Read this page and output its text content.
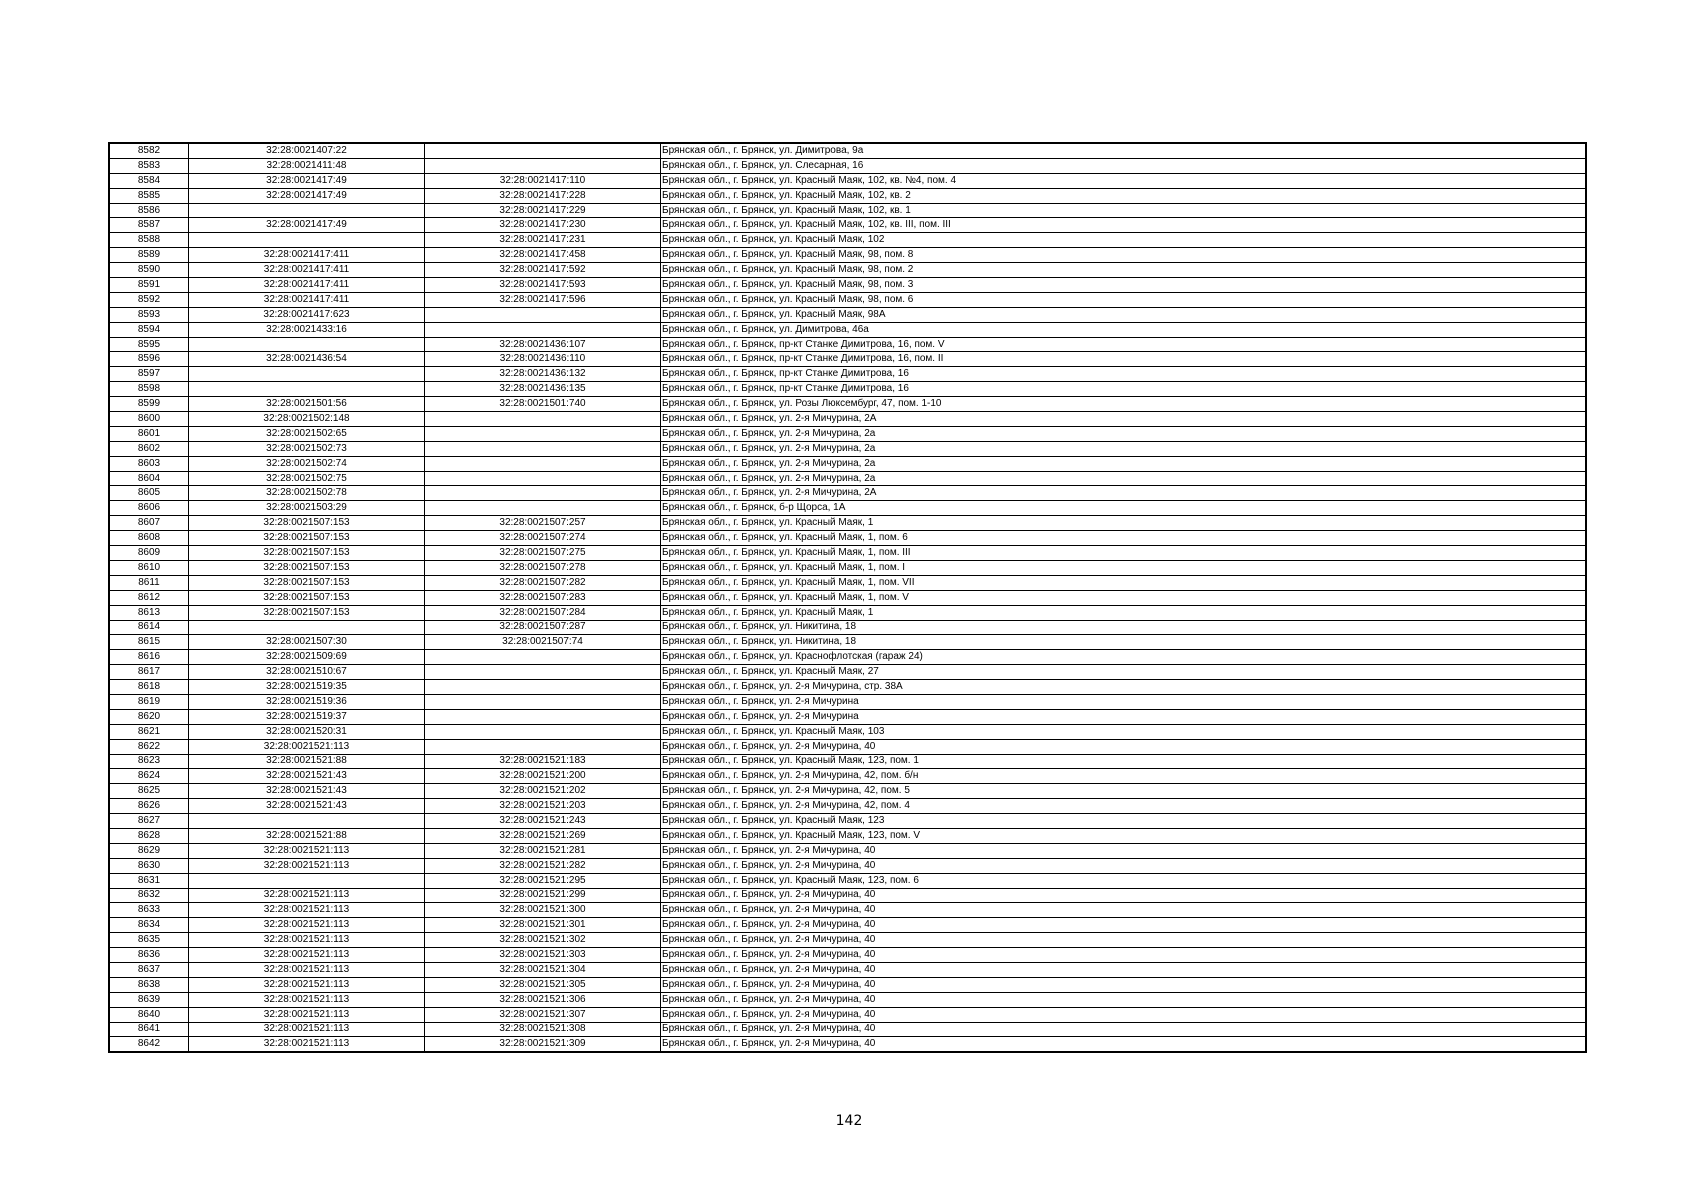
8582	32:28:0021407:22		Брянская обл., г. Брянск, ул. Димитрова, 9а
8583	32:28:0021411:48		Брянская обл., г. Брянск, ул. Слесарная, 16
8584	32:28:0021417:49	32:28:0021417:110	Брянская обл., г. Брянск, ул. Красный Маяк, 102, кв. №4, пом. 4
8585	32:28:0021417:49	32:28:0021417:228	Брянская обл., г. Брянск, ул. Красный Маяк, 102, кв. 2
8586		32:28:0021417:229	Брянская обл., г. Брянск, ул. Красный Маяк, 102, кв. 1
8587	32:28:0021417:49	32:28:0021417:230	Брянская обл., г. Брянск, ул. Красный Маяк, 102, кв. III, пом. III
8588		32:28:0021417:231	Брянская обл., г. Брянск, ул. Красный Маяк, 102
8589	32:28:0021417:411	32:28:0021417:458	Брянская обл., г. Брянск, ул. Красный Маяк, 98, пом. 8
8590	32:28:0021417:411	32:28:0021417:592	Брянская обл., г. Брянск, ул. Красный Маяк, 98, пом. 2
8591	32:28:0021417:411	32:28:0021417:593	Брянская обл., г. Брянск, ул. Красный Маяк, 98, пом. 3
8592	32:28:0021417:411	32:28:0021417:596	Брянская обл., г. Брянск, ул. Красный Маяк, 98, пом. 6
8593	32:28:0021417:623		Брянская обл., г. Брянск, ул. Красный Маяк, 98А
8594	32:28:0021433:16		Брянская обл., г. Брянск, ул. Димитрова, 46а
8595		32:28:0021436:107	Брянская обл., г. Брянск, пр-кт Станке Димитрова, 16, пом. V
8596	32:28:0021436:54	32:28:0021436:110	Брянская обл., г. Брянск, пр-кт Станке Димитрова, 16, пом. II
8597		32:28:0021436:132	Брянская обл., г. Брянск, пр-кт Станке Димитрова, 16
8598		32:28:0021436:135	Брянская обл., г. Брянск, пр-кт Станке Димитрова, 16
8599	32:28:0021501:56	32:28:0021501:740	Брянская обл., г. Брянск, ул. Розы Люксембург, 47, пом. 1-10
8600	32:28:0021502:148		Брянская обл., г. Брянск, ул. 2-я Мичурина, 2А
8601	32:28:0021502:65		Брянская обл., г. Брянск, ул. 2-я Мичурина, 2а
8602	32:28:0021502:73		Брянская обл., г. Брянск, ул. 2-я Мичурина, 2а
8603	32:28:0021502:74		Брянская обл., г. Брянск, ул. 2-я Мичурина, 2а
8604	32:28:0021502:75		Брянская обл., г. Брянск, ул. 2-я Мичурина, 2а
8605	32:28:0021502:78		Брянская обл., г. Брянск, ул. 2-я Мичурина, 2А
8606	32:28:0021503:29		Брянская обл., г. Брянск, б-р Щорса, 1А
8607	32:28:0021507:153	32:28:0021507:257	Брянская обл., г. Брянск, ул. Красный Маяк, 1
8608	32:28:0021507:153	32:28:0021507:274	Брянская обл., г. Брянск, ул. Красный Маяк, 1, пом. 6
8609	32:28:0021507:153	32:28:0021507:275	Брянская обл., г. Брянск, ул. Красный Маяк, 1, пом. III
8610	32:28:0021507:153	32:28:0021507:278	Брянская обл., г. Брянск, ул. Красный Маяк, 1, пом. I
8611	32:28:0021507:153	32:28:0021507:282	Брянская обл., г. Брянск, ул. Красный Маяк, 1, пом. VII
8612	32:28:0021507:153	32:28:0021507:283	Брянская обл., г. Брянск, ул. Красный Маяк, 1, пом. V
8613	32:28:0021507:153	32:28:0021507:284	Брянская обл., г. Брянск, ул. Красный Маяк, 1
8614		32:28:0021507:287	Брянская обл., г. Брянск, ул. Никитина, 18
8615	32:28:0021507:30	32:28:0021507:74	Брянская обл., г. Брянск, ул. Никитина, 18
8616	32:28:0021509:69		Брянская обл., г. Брянск, ул. Краснофлотская (гараж 24)
8617	32:28:0021510:67		Брянская обл., г. Брянск, ул. Красный Маяк, 27
8618	32:28:0021519:35		Брянская обл., г. Брянск, ул. 2-я Мичурина, стр. 38А
8619	32:28:0021519:36		Брянская обл., г. Брянск, ул. 2-я Мичурина
8620	32:28:0021519:37		Брянская обл., г. Брянск, ул. 2-я Мичурина
8621	32:28:0021520:31		Брянская обл., г. Брянск, ул. Красный Маяк, 103
8622	32:28:0021521:113		Брянская обл., г. Брянск, ул. 2-я Мичурина, 40
8623	32:28:0021521:88	32:28:0021521:183	Брянская обл., г. Брянск, ул. Красный Маяк, 123, пом. 1
8624	32:28:0021521:43	32:28:0021521:200	Брянская обл., г. Брянск, ул. 2-я Мичурина, 42, пом. б/н
8625	32:28:0021521:43	32:28:0021521:202	Брянская обл., г. Брянск, ул. 2-я Мичурина, 42, пом. 5
8626	32:28:0021521:43	32:28:0021521:203	Брянская обл., г. Брянск, ул. 2-я Мичурина, 42, пом. 4
8627		32:28:0021521:243	Брянская обл., г. Брянск, ул. Красный Маяк, 123
8628	32:28:0021521:88	32:28:0021521:269	Брянская обл., г. Брянск, ул. Красный Маяк, 123, пом. V
8629	32:28:0021521:113	32:28:0021521:281	Брянская обл., г. Брянск, ул. 2-я Мичурина, 40
8630	32:28:0021521:113	32:28:0021521:282	Брянская обл., г. Брянск, ул. 2-я Мичурина, 40
8631		32:28:0021521:295	Брянская обл., г. Брянск, ул. Красный Маяк, 123, пом. 6
8632	32:28:0021521:113	32:28:0021521:299	Брянская обл., г. Брянск, ул. 2-я Мичурина, 40
8633	32:28:0021521:113	32:28:0021521:300	Брянская обл., г. Брянск, ул. 2-я Мичурина, 40
8634	32:28:0021521:113	32:28:0021521:301	Брянская обл., г. Брянск, ул. 2-я Мичурина, 40
8635	32:28:0021521:113	32:28:0021521:302	Брянская обл., г. Брянск, ул. 2-я Мичурина, 40
8636	32:28:0021521:113	32:28:0021521:303	Брянская обл., г. Брянск, ул. 2-я Мичурина, 40
8637	32:28:0021521:113	32:28:0021521:304	Брянская обл., г. Брянск, ул. 2-я Мичурина, 40
8638	32:28:0021521:113	32:28:0021521:305	Брянская обл., г. Брянск, ул. 2-я Мичурина, 40
8639	32:28:0021521:113	32:28:0021521:306	Брянская обл., г. Брянск, ул. 2-я Мичурина, 40
8640	32:28:0021521:113	32:28:0021521:307	Брянская обл., г. Брянск, ул. 2-я Мичурина, 40
8641	32:28:0021521:113	32:28:0021521:308	Брянская обл., г. Брянск, ул. 2-я Мичурина, 40
8642	32:28:0021521:113	32:28:0021521:309	Брянская обл., г. Брянск, ул. 2-я Мичурина, 40
142
